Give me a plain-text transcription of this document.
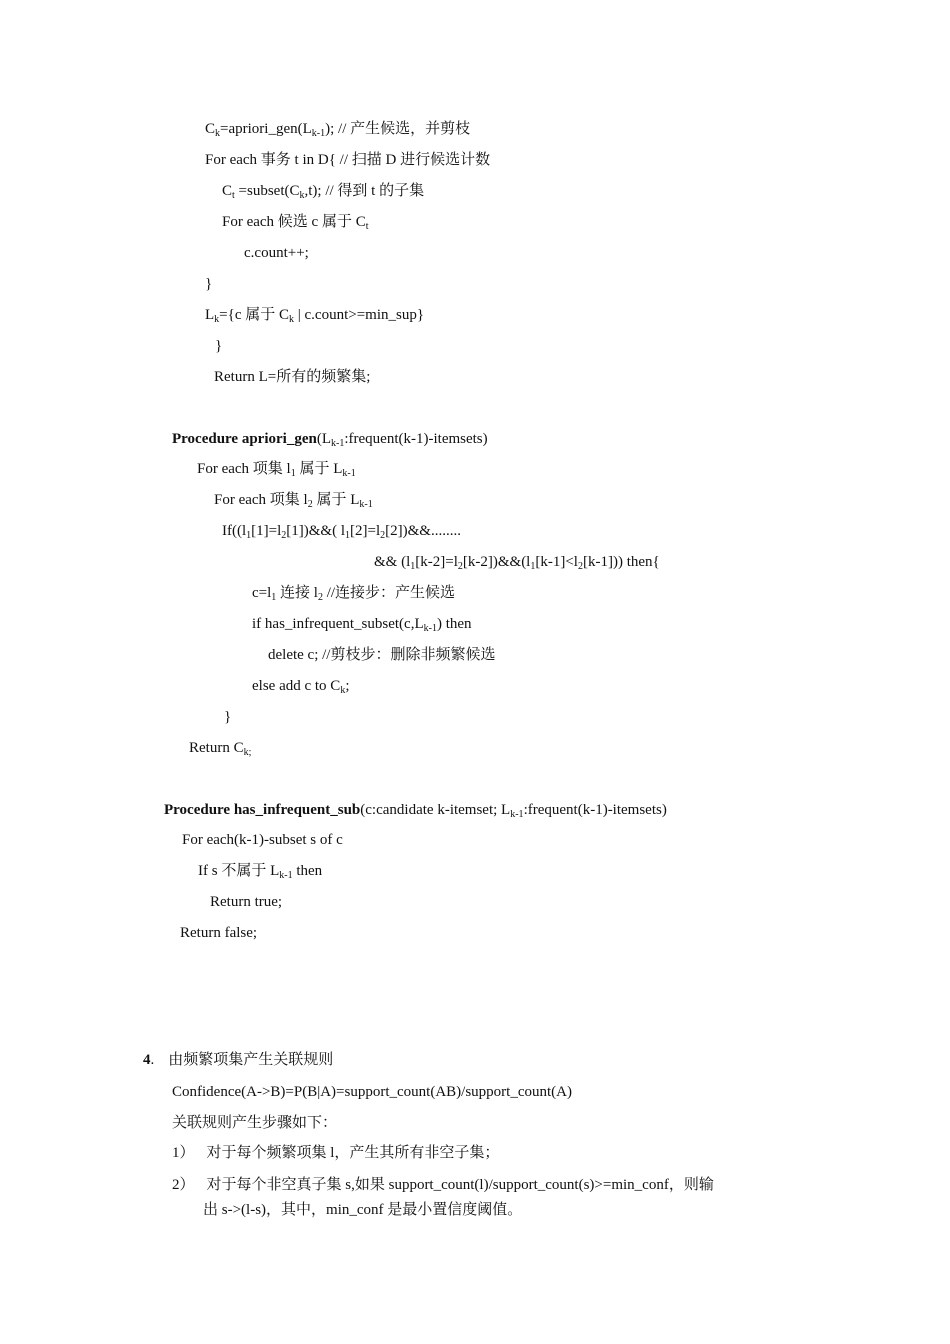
$C_k=apriori\_gen(L_{k-1})$; // 产生候选，并剪枝
For each 事务 t in D{ // 扫描 D 进行候选计数
$C_t$ $=subset(C_k,t)$; // 得到 t 的子集
For each 候选 c 属于 $C_t$
c.count++;
}
$L_k=\{c$ 属于 $C_k$ | c.count>=min_sup}
}
Return L=所有的频繁集;
Procedure $apriori\_gen(L_{k-1}:frequent(k-1)-itemsets)$
For each 项集 $l_1$ 属于 $L_{k-1}$
For each 项集 $l_2$ 属于 $L_{k-1}$
$If((l_1[1]=l_2[1])\&\&$( $l_1[2]=l_2[2])\&\&$........
&& $(l_1[k-2]=l_2[k-2])\&\&(l_1[k-1]<l_2[k-1])$) then{
$c=l_1$ 连接 $l_2$ //连接步：产生候选
if $has\_infrequent\_subset(c,L_{k-1})$ then
delete c; //剪枝步：删除非频繁候选
else add c to $C_k$;
}
Return $C_{k;}$
Procedure has_infrequent_sub(c:candidate k-itemset; $L_{k-1}:frequent(k-1)-itemsets$)
For each(k-1)-subset s of c
If s 不属于 $L_{k-1}$ then
Return true;
Return false;
4. 由频繁项集产生关联规则
Confidence(A->B)=P(B|A)=support_count(AB)/support_count(A)
关联规则产生步骤如下：
1） 对于每个频繁项集 l，产生其所有非空子集；
2） 对于每个非空真子集 s,如果 support_count(l)/support_count(s)>=min_conf，则输
出 s->(l-s)，其中，min_conf 是最小置信度阈值。
